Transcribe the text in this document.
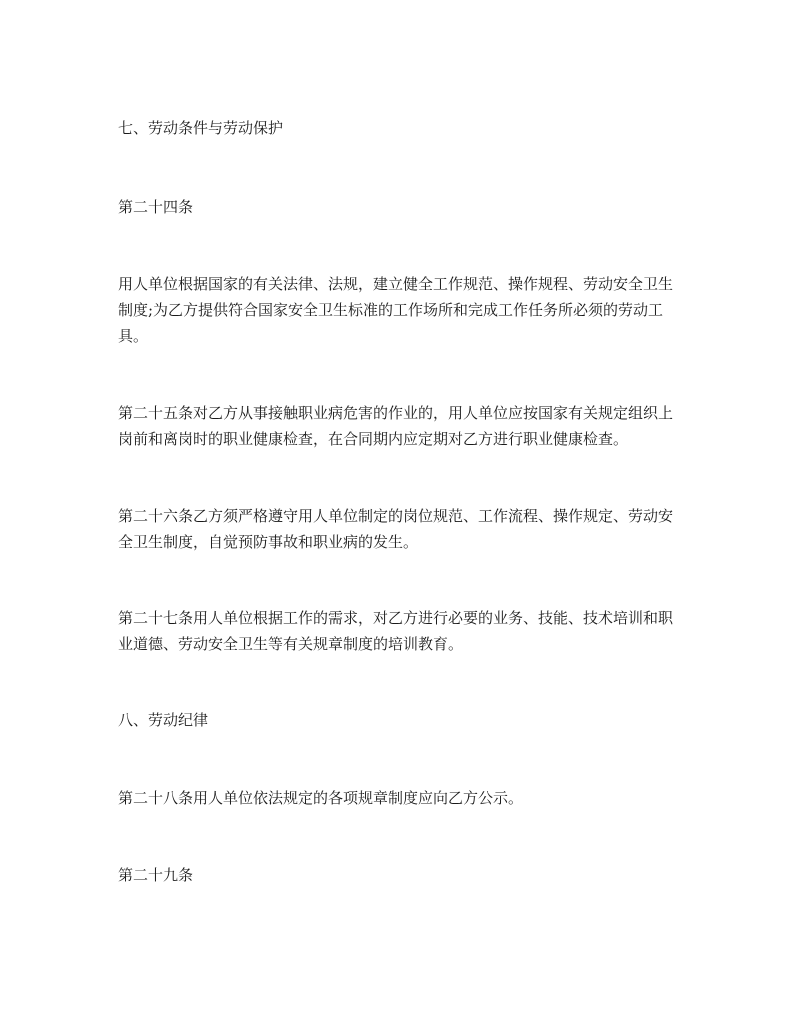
七、劳动条件与劳动保护

第二十四条

用人单位根据国家的有关法律、法规，建立健全工作规范、操作规程、劳动安全卫生制度;为乙方提供符合国家安全卫生标准的工作场所和完成工作任务所必须的劳动工具。

第二十五条对乙方从事接触职业病危害的作业的，用人单位应按国家有关规定组织上岗前和离岗时的职业健康检查，在合同期内应定期对乙方进行职业健康检查。

第二十六条乙方须严格遵守用人单位制定的岗位规范、工作流程、操作规定、劳动安全卫生制度，自觉预防事故和职业病的发生。

第二十七条用人单位根据工作的需求，对乙方进行必要的业务、技能、技术培训和职业道德、劳动安全卫生等有关规章制度的培训教育。

八、劳动纪律

第二十八条用人单位依法规定的各项规章制度应向乙方公示。

第二十九条
